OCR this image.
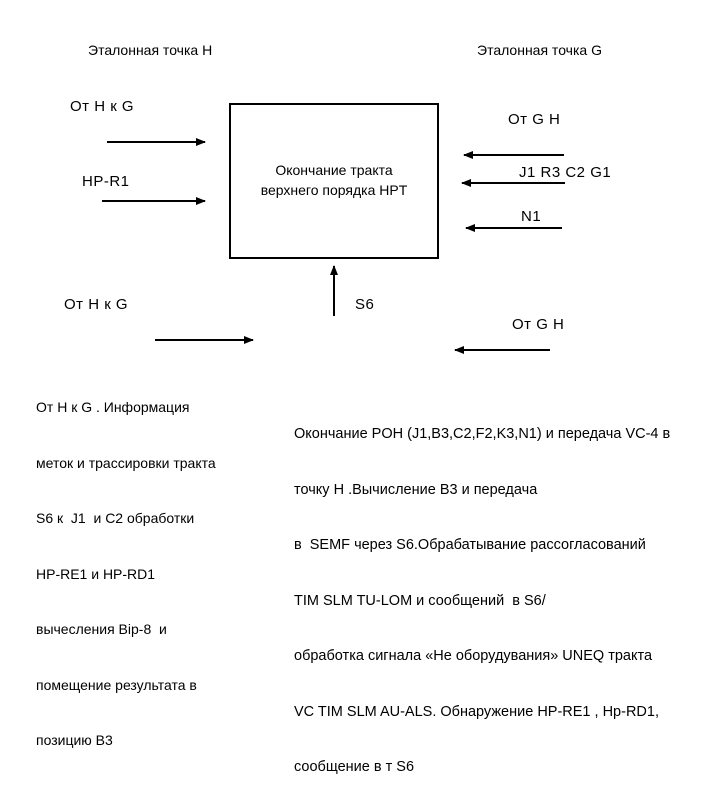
Эталонная точка H	Эталонная точка G
От H к G
HP-R1
От H к G

От H к G . Информация

меток и трассировки тракта

S6 к  J1  и С2 обработки

HP-RE1 и HP-RD1

вычесления Bip-8  и

помещение результата в

позицию В3

Окончание тракта
верхнего порядка HPT
От G H
J1 R3 C2 G1
N1
От G H
S6

Окончание POH (J1,B3,C2,F2,K3,N1) и передача VC-4 в

точку H .Вычисление B3 и передача

в  SEMF через S6.Обрабатывание рассогласований

TIM SLM TU-LOM и сообщений  в S6/

обработка сигнала «Не оборудувания» UNEQ тракта

VC TIM SLM AU-ALS. Обнаружение HP-RE1 , Hp-RD1,

сообщение в т S6
